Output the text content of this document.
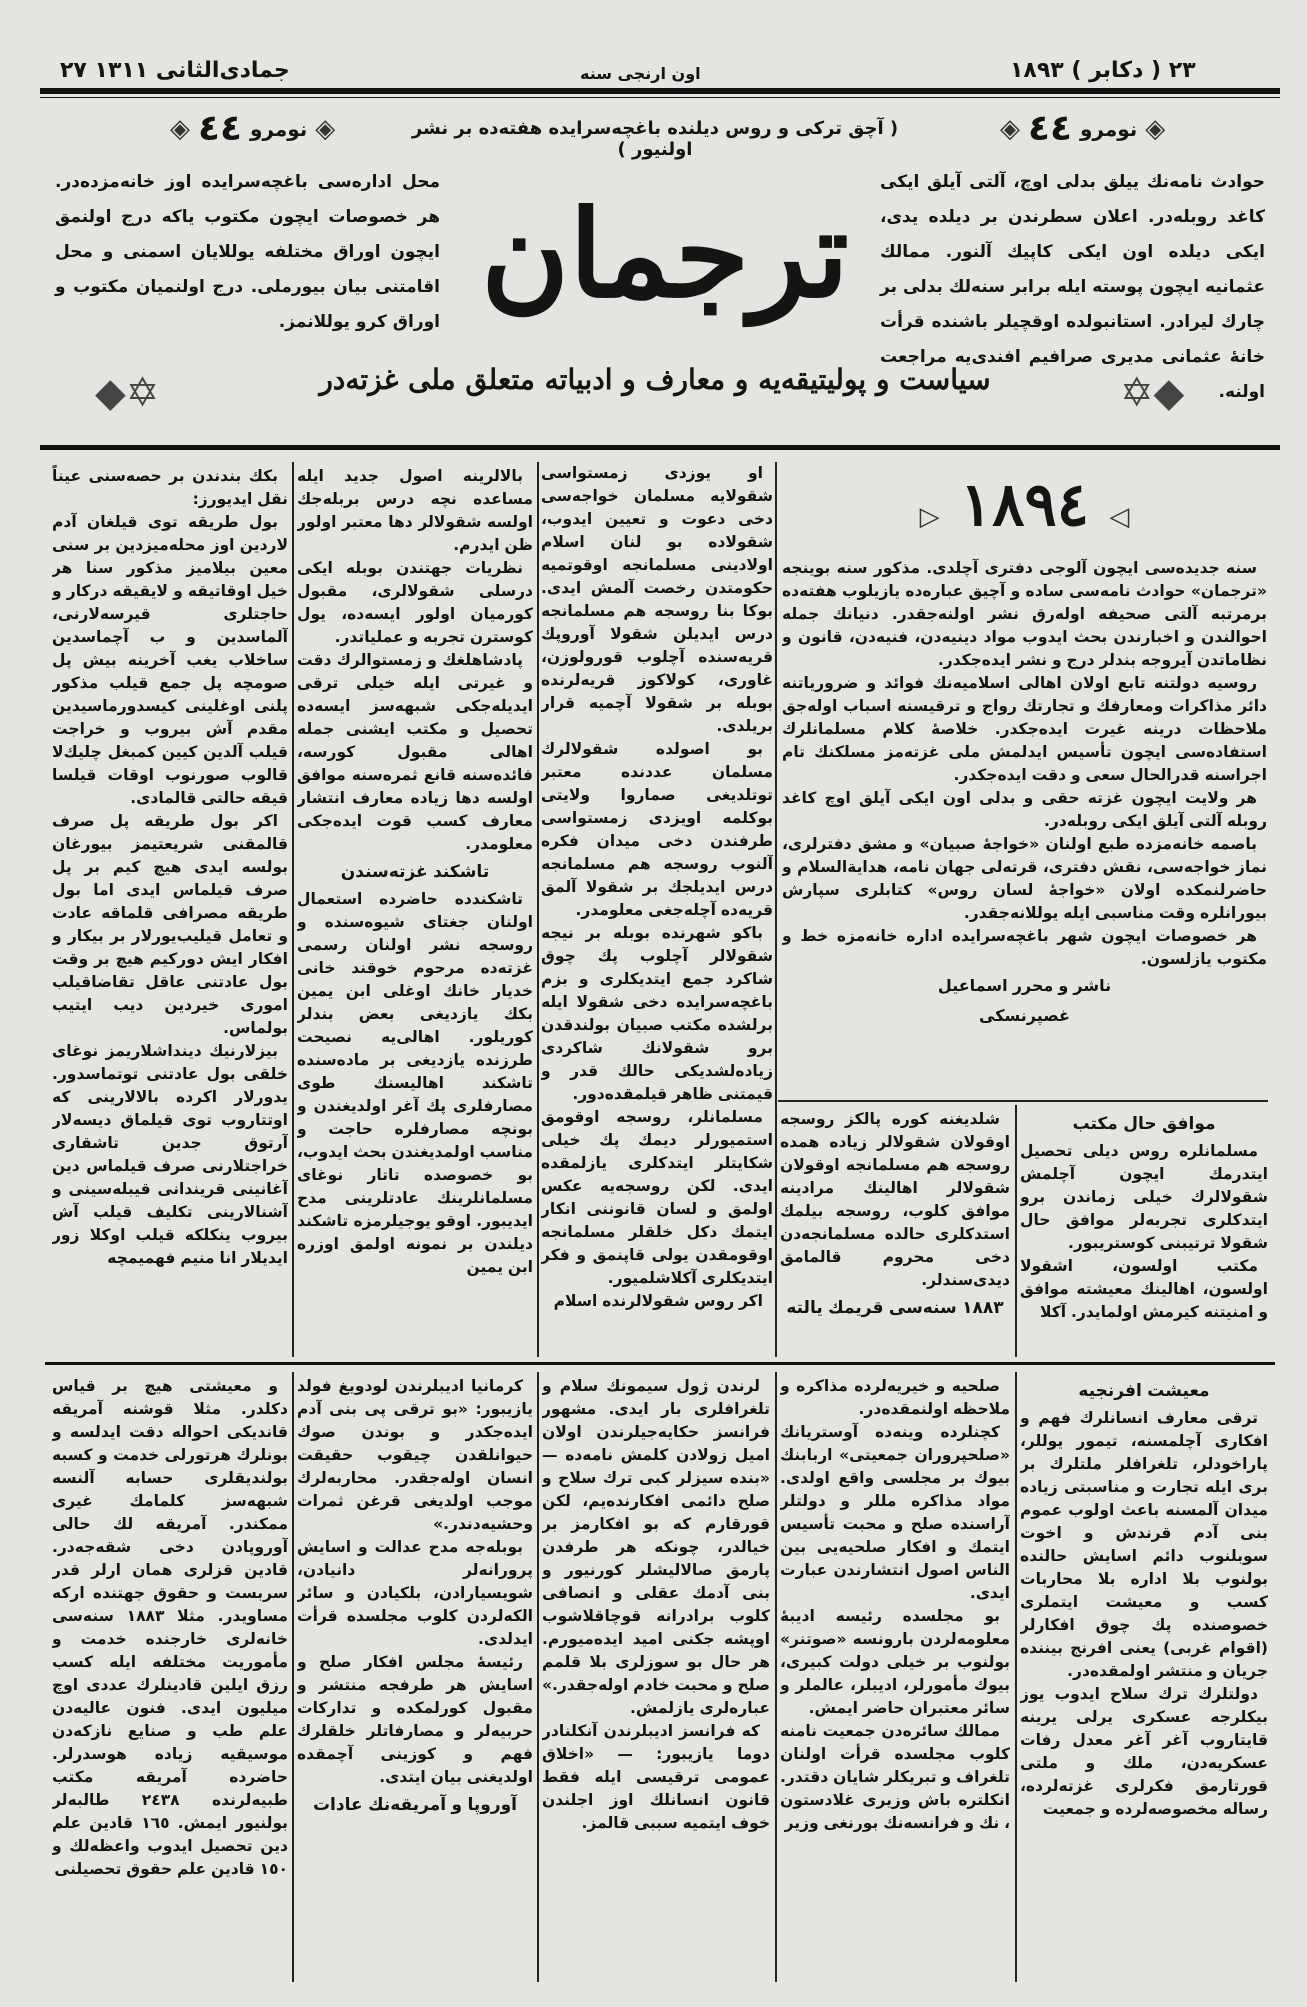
۱۸۹۳ ( دكابر ) ۲۳
اون ارنجی سنه
۲۷ جمادی‌الثانی ۱۳۱۱
◈
نومرو
٤٤
◈
( آچق تركی و روس دیلنده باغچه‌سرایده هفته‌ده بر نشر اولنیور )
◈
نومرو
٤٤
◈
حوادث نامه‌نك ییلق بدلی اوچ، آلتی آیلق ایكی كاغد روبله‌در. اعلان سطرندن بر دیلده یدی، ایكی دیلده اون ایكی كاپیك آلنور. ممالك عثمانیه ایچون پوسته ایله برابر سنه‌لك بدلی بر چارك لیرادر. استانبولده اوقچیلر باشنده قرأت خانهٔ عثمانی مدیری صرافیم افندی‌یه مراجعت اولنه.
ترجمان
محل اداره‌سی باغچه‌سرایده اوز خانه‌مزده‌در. هر خصوصات ایچون مكتوب یاكه درج اولنمق ایچون اوراق مختلفه یوللایان اسمنی و محل اقامتنی بیان بیورملی. درج اولنمیان مكتوب و اوراق كرو یوللانمز.
✡◆
سیاست و پولیتیقه‌یه و معارف و ادبیاته متعلق ملی غزته‌در
◆✡
◁ ۱۸۹٤ ▷

سنه جدیده‌سی ایچون آلوجی دفتری آچلدی. مذكور سنه بوینجه «ترجمان» حوادث نامه‌سی ساده و آچیق عباره‌ده یازیلوب هفته‌ده برمرتبه آلتی صحیفه اوله‌رق نشر اولنه‌جقدر. دنیانك جمله احوالندن و اخبارندن بحث ایدوب مواد دینیه‌دن، فنیه‌دن، قانون و نظاماتدن آیروجه بندلر درج و نشر ایده‌جكدر.

روسیه دولتنه تابع اولان اهالی اسلامیه‌نك فوائد و ضروریاتنه دائر مذاكرات ومعارفك و تجارتك رواج و ترقیسنه اسباب اوله‌جق ملاحظات درینه غیرت ایده‌جكدر. خلاصهٔ كلام مسلمانلرك استفاده‌سی ایچون تأسیس ایدلمش ملی غزته‌مز مسلكنك تام اجراسنه قدرالحال سعی و دقت ایده‌جكدر.

هر ولایت ایچون غزته حقی و بدلی اون ایكی آیلق اوچ كاغد روبله آلتی آیلق ایكی روبله‌در.

باصمه خانه‌مزده طبع اولنان «خواجهٔ صبیان» و مشق دفترلری، نماز خواجه‌سی، نقش دفتری، قرته‌لی جهان نامه، هدایة‌السلام و حاضرلنمكده اولان «خواجهٔ لسان روس» كتابلری سپارش بیورانلره وقت مناسبی ایله یوللانه‌جقدر.

هر خصوصات ایچون شهر باغچه‌سرایده اداره خانه‌مزه خط و مكتوب یازلسون.

ناشر و محرر اسماعیل
غصپرنسكی
موافق حال مكتب

مسلمانلره روس دیلی تحصیل ایتدرمك ایچون آچلمش شقولالرك خیلی زماندن برو ایتدكلری تجربه‌لر موافق حال شقولا ترتیبنی كوستریبور.

مكتب اولسون، اشقولا اولسون، اهالینك معیشته موافق و امنیتنه كیرمش اولمایدر. آكلا

شلدیغنه كوره پالكز روسجه اوقولان شقولالر زیاده همده روسجه هم مسلمانجه اوقولان شقولالر اهالینك مرادینه موافق كلوب، روسجه بیلمك استدكلری حالده مسلمانجه‌دن دخی محروم قالمامق دیدی‌سندلر.

۱۸۸۳ سنه‌سی قریمك یالته

او یوزدی زمستواسی شقولایه مسلمان خواجه‌سی دخی دعوت و تعیین ایدوب، شقولاده بو لنان اسلام اولادینی مسلمانجه اوقوتمیه حكومتدن رخصت آلمش ایدی. بوكا بنا روسجه هم مسلمانجه درس ایدیلن شقولا آوروپك قریه‌سنده آچلوب قورولوزن، غاوری، كولاكوز قریه‌لرنده بوبله بر شقولا آچمیه قرار بریلدی.

بو اصولده شقولالرك مسلمان عددنده معتبر توتلدیغی صماروا ولایتی بوكلمه اویزدی زمستواسی طرفندن دخی میدان فكره آلنوب روسجه هم مسلمانجه درس ایدیلجك بر شقولا آلمق قریه‌ده آچله‌جغی معلومدر.

باكو شهرنده بوبله بر نیجه شقولالر آچلوب پك چوق شاكرد جمع ایتدیكلری و بزم باغچه‌سرایده دخی شقولا ایله برلشده مكتب صبیان بولندقدن برو شقولانك شاكردی زیاده‌لشدیكی حالك قدر و قیمتنی ظاهر قیلمقده‌دور.

مسلمانلر، روسجه اوقومق استمیورلر دیمك پك خیلی شكایتلر ایتدكلری یازلمقده ایدی. لكن روسجه‌یه عكس اولمق و لسان قانوننی انكار ایتمك دكل خلقلر مسلمانجه اوقومقدن یولی قاپنمق و فكر ایتدیكلری آكلاشلمیور.

اكر روس شقولالرنده اسلام

بالالرینه اصول جدید ایله مساعده نچه درس بربله‌جك اولسه شقولالر دها معتبر اولور ظن ایدرم.

نظریات جهتندن بوبله ایكی درسلی شقولالری، مقبول كورمیان اولور ایسه‌ده، یول كوسترن تجربه و عملیاتدر.

پادشاهلغك و زمستوالرك دقت و غیرتی ایله خیلی ترقی ایدیله‌جكی شبهه‌سز ایسه‌ده تحصیل و مكتب ایشنی جمله اهالی مقبول كورسه، فائده‌سنه قانع ثمره‌سنه موافق اولسه دها زیاده معارف انتشار معارف كسب قوت ایده‌جكی معلومدر.

تاشكند غزته‌سندن

تاشكندده حاضرده استعمال اولنان جغتای شیوه‌سنده و روسجه نشر اولنان رسمی غزته‌ده مرحوم خوقند خانی خدیار خانك اوغلی ابن یمین بكك یازدیغی بعض بندلر كوریلور. اهالی‌یه نصیحت طرزنده یازدیغی بر ماده‌سنده تاشكند اهالیسنك طوی مصارفلری پك آغر اولدیغندن و بونچه مصارفلره حاجت و مناسب اولمدیغندن بحث ایدوب، بو خصوصده تاتار نوغای مسلمانلرینك عادتلرینی مدح ایدیبور. اوقو یوجیلرمزه تاشكند دیلندن بر نمونه اولمق اوزره ابن یمین

بكك بندندن بر حصه‌سنی عیناً نقل ایدیورز:

بول طریقه توی قیلغان آدم لاردین اوز محله‌میزدین بر سنی معین بیلامیز مذكور سنا هر خیل اوقاتیقه و لایقیقه دركار و حاجتلری قیرسه‌لارنی، آلماسدین و ب آچماسدین ساخلاب یغب آخرینه بیش پل صومچه پل جمع قیلب مذكور پلنی اوغلینی كیسدورماسیدین مقدم آش بیروب و خراجت قیلب آلدین كیین كمبغل چلیك‌لا قالوب صورنوب اوقات قیلسا قیقه حالتی قالمادی.

اكر بول طریقه پل صرف قالمقنی شریعتیمز بیورغان بولسه ایدی هیچ كیم بر پل صرف قیلماس ایدی اما بول طریقه مصرافی قلماقه عادت و تعامل قیلیب‌یورلار بر بیكار و افكار ایش دوركیم هیچ بر وقت بول عادتنی عاقل تقاضاقیلب اموری خیردین دیب ایتیب بولماس.

بیزلارنیك دینداشلاریمز نوغای خلقی بول عادتنی توتماسدور. یدورلار اكرده بالالارینی كه اوتتاروب توی قیلماق دیسه‌لار آرتوق جدین تاشقاری خراجتلارنی صرف قیلماس دین آغانینی قریندانی قیبله‌سینی و آشنالارینی تكلیف قیلب آش بیروب ینكلكه قیلب اوكلا زور ایدیلار انا منیم فهمیمچه

معیشت افرنجیه

ترقی معارف انسانلرك فهم و افكاری آچلمسنه، تیمور یوللر، پاراخودلر، تلغرافلر ملتلرك بر بری ایله تجارت و مناسبتی زیاده میدان آلمسنه باعث اولوب عموم بنی آدم قرندش و اخوت سوبلنوب دائم اسایش حالنده بولنوب بلا اداره بلا محاربات كسب و معیشت ایتملری خصوصنده پك چوق افكارلر (اقوام غربی) یعنی افرنج بیننده جریان و منتشر اولمقده‌در.

دولتلرك ترك سلاح ایدوب یوز بیكلرجه عسكری یرلی یرینه قایتاروب آغر آغر معدل رفات عسكریه‌دن، ملك و ملتی قورتارمق فكرلری غزته‌لرده، رساله مخصوصه‌لرده و جمعیت

صلحیه و خیریه‌لرده مذاكره و ملاحظه اولنمقده‌در.

كچنلرده وینه‌ده آوستریانك «صلحپروران جمعیتی» اربابنك بیوك بر مجلسی واقع اولدی. مواد مذاكره مللر و دولتلر آراسنده صلح و محبت تأسیس ایتمك و افكار صلحیه‌یی بین الناس اصول انتشارندن عبارت ایدی.

بو مجلسده رئیسه ادیبهٔ معلومه‌لردن بارونسه «صوتنر» بولنوب بر خیلی دولت كبیری، بیوك مأمورلر، ادیبلر، عالملر و سائر معتبران حاضر ایمش.

ممالك سائره‌دن جمعیت نامنه كلوب مجلسده قرأت اولنان تلغراف و تبریكلر شایان دقتدر. انكلتره باش وزیری غلادستون ، نك و فرانسه‌نك بورنغی وزیر

لرندن ژول سیمونك سلام و تلغرافلری بار ایدی. مشهور فرانسز حكایه‌جیلرندن اولان امیل زولادن كلمش نامه‌ده — «بنده سیزلر كبی ترك سلاح و صلح دائمی افكارنده‌یم، لكن قورقارم كه بو افكارمز بر خیالدر، چونكه هر طرفدن پارمق صالالیشلر كورنیور و بنی آدمك عقلی و انصافی كلوب برادرانه قوچاقلاشوب اوپشه جكنی امید ایده‌میورم. هر حال بو سوزلری بلا قلمم صلح و محبت خادم اوله‌جقدر.» عباره‌لری یازلمش.

كه فرانسز ادیبلرندن آنكلنادر دوما یازیبور: — «اخلاق عمومی ترقیسی ایله فقط قانون انسانلك اوز اجلندن خوف ایتمیه سببی قالمز.

كرمانیا ادیبلرندن لودویغ فولد یازیبور: «بو ترقی پی بنی آدم ایده‌جكدر و بوندن صوك حیوانلقدن چیقوب حقیقت انسان اوله‌جقدر. محاربه‌لرك موجب اولدیغی قرغن ثمرات وحشیه‌دندر.»

بوبله‌جه مدح عدالت و اسایش پرورانه‌لر دانیادن، شویسیارادن، بلكیادن و سائر الكه‌لردن كلوب مجلسده قرأت ایدلدی.

رئیسهٔ مجلس افكار صلح و اسایش هر طرفجه منتشر و مقبول كورلمكده و تداركات حربیه‌لر و مصارفاتلر خلقلرك فهم و كوزینی آچمقده اولدیغنی بیان ایتدی.

آوروپا و آمریقه‌نك عادات

و معیشتی هیچ بر قیاس دكلدر. مثلا قوشنه آمریقه قاندیكی احواله دقت ایدلسه و بونلرك هرتورلی خدمت و كسبه بولندیقلری حسابه آلنسه شبهه‌سز كلمامك غیری ممكندر. آمریقه لك حالی آوروپادن دخی شقه‌جه‌در. قادین قزلری همان ارلر قدر سربست و حقوق جهتنده اركه مساویدر. مثلا ۱۸۸۳ سنه‌سی خانه‌لری خارجنده خدمت و مأموریت مختلفه ایله كسب رزق ایلین قادینلرك عددی اوچ میلیون ایدی. فنون عالیه‌دن علم طب و صنایع نازكه‌دن موسیقیه زیاده هوسدرلر. حاضرده آمریقه مكتب طبیه‌لرنده ۲٤۳۸ طالبه‌لر بولنیور ایمش. ۱٦٥ قادین علم دین تحصیل ایدوب واعظه‌لك و ۱٥۰ قادین علم حقوق تحصیلنی
